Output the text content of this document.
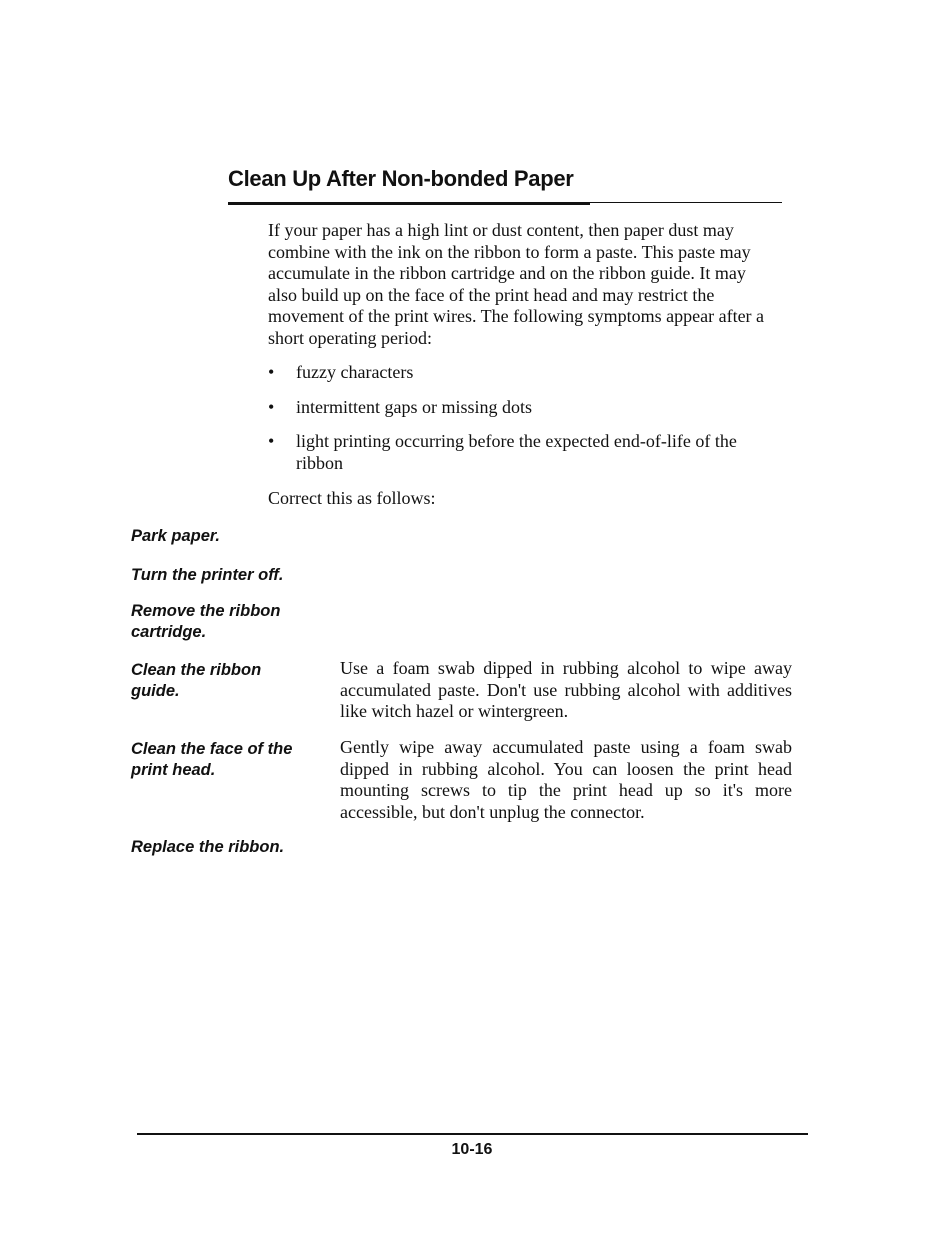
Clean Up After Non-bonded Paper

If your paper has a high lint or dust content, then paper dust may combine with the ink on the ribbon to form a paste. This paste may accumulate in the ribbon cartridge and on the ribbon guide. It may also build up on the face of the print head and may restrict the movement of the print wires. The following symptoms appear after a short operating period:

• fuzzy characters
• intermittent gaps or missing dots
• light printing occurring before the expected end-of-life of the ribbon

Correct this as follows:

Park paper.

Turn the printer off.

Remove the ribbon cartridge.

Clean the ribbon guide.

Use a foam swab dipped in rubbing alcohol to wipe away accumulated paste. Don't use rubbing alcohol with additives like witch hazel or wintergreen.

Clean the face of the print head.

Gently wipe away accumulated paste using a foam swab dipped in rubbing alcohol. You can loosen the print head mounting screws to tip the print head up so it's more accessible, but don't unplug the connector.

Replace the ribbon.

10-16
